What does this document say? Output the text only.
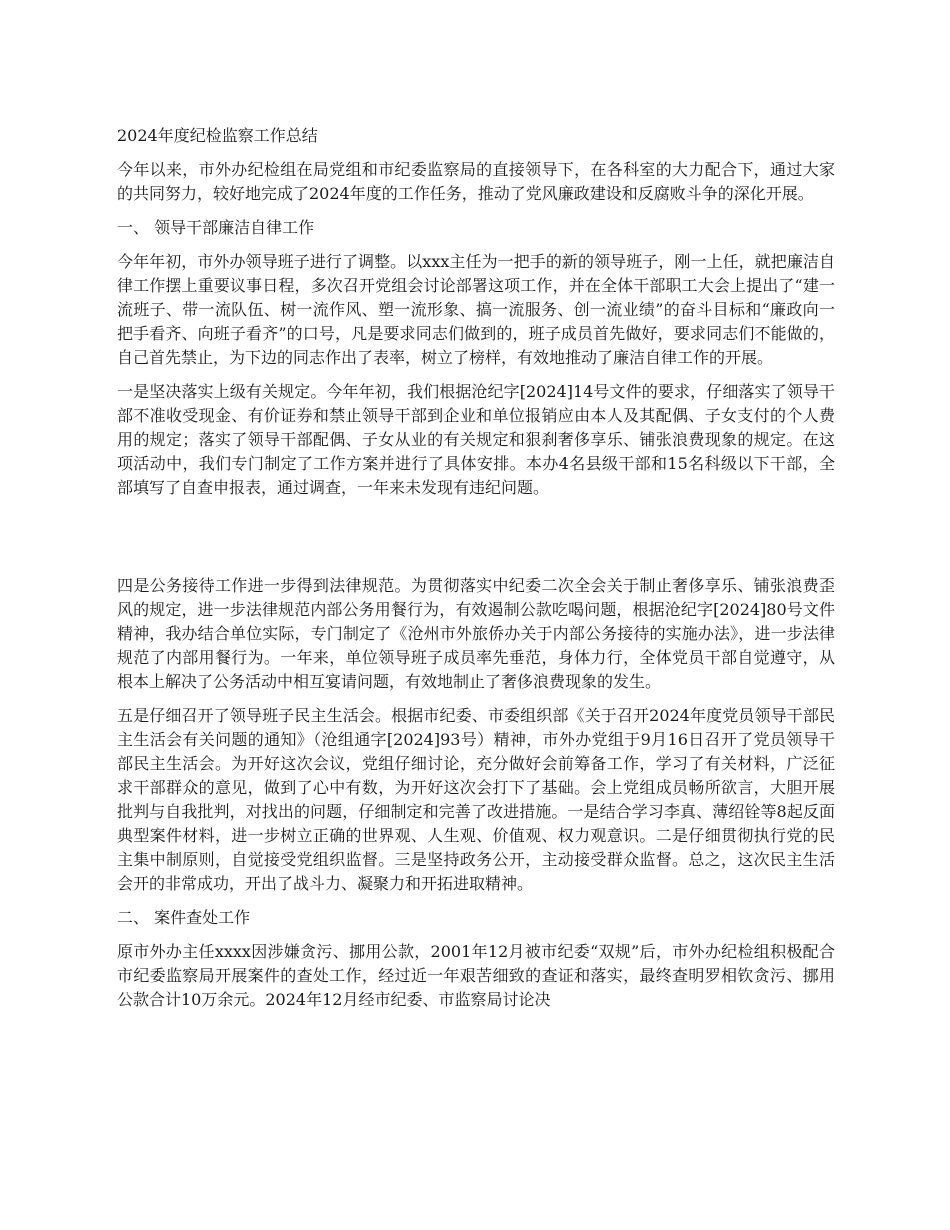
2024年度纪检监察工作总结
今年以来，市外办纪检组在局党组和市纪委监察局的直接领导下，在各科室的大力配合下，通过大家的共同努力，较好地完成了2024年度的工作任务，推动了党风廉政建设和反腐败斗争的深化开展。
一、 领导干部廉洁自律工作
今年年初，市外办领导班子进行了调整。以xxx主任为一把手的新的领导班子，刚一上任，就把廉洁自律工作摆上重要议事日程，多次召开党组会讨论部署这项工作，并在全体干部职工大会上提出了“建一流班子、带一流队伍、树一流作风、塑一流形象、搞一流服务、创一流业绩”的奋斗目标和“廉政向一把手看齐、向班子看齐”的口号，凡是要求同志们做到的，班子成员首先做好，要求同志们不能做的，自己首先禁止，为下边的同志作出了表率，树立了榜样，有效地推动了廉洁自律工作的开展。
一是坚决落实上级有关规定。今年年初，我们根据沧纪字[2024]14号文件的要求，仔细落实了领导干部不准收受现金、有价证券和禁止领导干部到企业和单位报销应由本人及其配偶、子女支付的个人费用的规定；落实了领导干部配偶、子女从业的有关规定和狠刹奢侈享乐、铺张浪费现象的规定。在这项活动中，我们专门制定了工作方案并进行了具体安排。本办4名县级干部和15名科级以下干部，全部填写了自查申报表，通过调查，一年来未发现有违纪问题。
四是公务接待工作进一步得到法律规范。为贯彻落实中纪委二次全会关于制止奢侈享乐、铺张浪费歪风的规定，进一步法律规范内部公务用餐行为，有效遏制公款吃喝问题，根据沧纪字[2024]80号文件精神，我办结合单位实际，专门制定了《沧州市外旅侨办关于内部公务接待的实施办法》，进一步法律规范了内部用餐行为。一年来，单位领导班子成员率先垂范，身体力行，全体党员干部自觉遵守，从根本上解决了公务活动中相互宴请问题，有效地制止了奢侈浪费现象的发生。
五是仔细召开了领导班子民主生活会。根据市纪委、市委组织部《关于召开2024年度党员领导干部民主生活会有关问题的通知》（沧组通字[2024]93号）精神，市外办党组于9月16日召开了党员领导干部民主生活会。为开好这次会议，党组仔细讨论，充分做好会前筹备工作，学习了有关材料，广泛征求干部群众的意见，做到了心中有数，为开好这次会打下了基础。会上党组成员畅所欲言，大胆开展批判与自我批判，对找出的问题，仔细制定和完善了改进措施。一是结合学习李真、薄绍铨等8起反面典型案件材料，进一步树立正确的世界观、人生观、价值观、权力观意识。二是仔细贯彻执行党的民主集中制原则，自觉接受党组织监督。三是坚持政务公开，主动接受群众监督。总之，这次民主生活会开的非常成功，开出了战斗力、凝聚力和开拓进取精神。
二、 案件查处工作
原市外办主任xxxx因涉嫌贪污、挪用公款，2001年12月被市纪委“双规”后，市外办纪检组积极配合市纪委监察局开展案件的查处工作，经过近一年艰苦细致的查证和落实，最终查明罗相钦贪污、挪用公款合计10万余元。2024年12月经市纪委、市监察局讨论决
